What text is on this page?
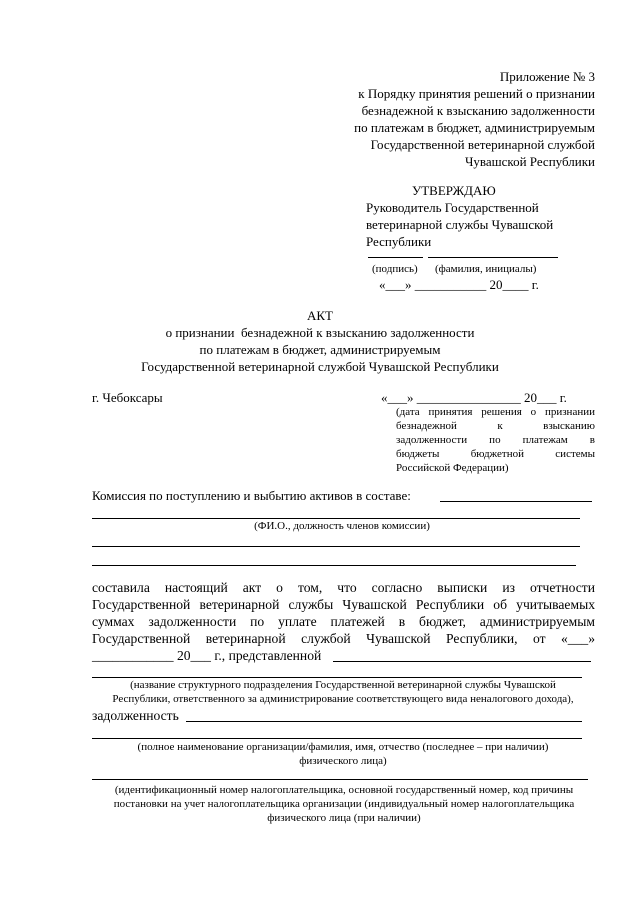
Приложение № 3
к Порядку принятия решений о признании
безнадежной к взысканию задолженности
по платежам в бюджет, администрируемым
Государственной ветеринарной службой
Чувашской Республики
УТВЕРЖДАЮ
Руководитель Государственной
ветеринарной службы Чувашской
Республики
(подпись) (фамилия, инициалы)
«___» ___________ 20____ г.
АКТ
о признании  безнадежной к взысканию задолженности
по платежам в бюджет, администрируемым
Государственной ветеринарной службой Чувашской Республики
г. Чебоксары	«___» ________________ 20___ г.
(дата принятия решения о признании
безнадежной к взысканию
задолженности по платежам в
бюджеты бюджетной системы
Российской Федерации)
Комиссия по поступлению и выбытию активов в составе:
(ФИ.О., должность членов комиссии)
составила настоящий акт о том, что согласно выписки из отчетности
Государственной ветеринарной службы Чувашской Республики об учитываемых
суммах задолженности по уплате платежей в бюджет, администрируемым
Государственной ветеринарной службой Чувашской Республики, от «___»
____________ 20___ г., представленной
(название структурного подразделения Государственной ветеринарной службы Чувашской
Республики, ответственного за администрирование соответствующего вида неналогового дохода),
задолженность
(полное наименование организации/фамилия, имя, отчество (последнее – при наличии)
физического лица)
(идентификационный номер налогоплательщика, основной государственный номер, код причины
постановки на учет налогоплательщика организации (индивидуальный номер налогоплательщика
физического лица (при наличии)
